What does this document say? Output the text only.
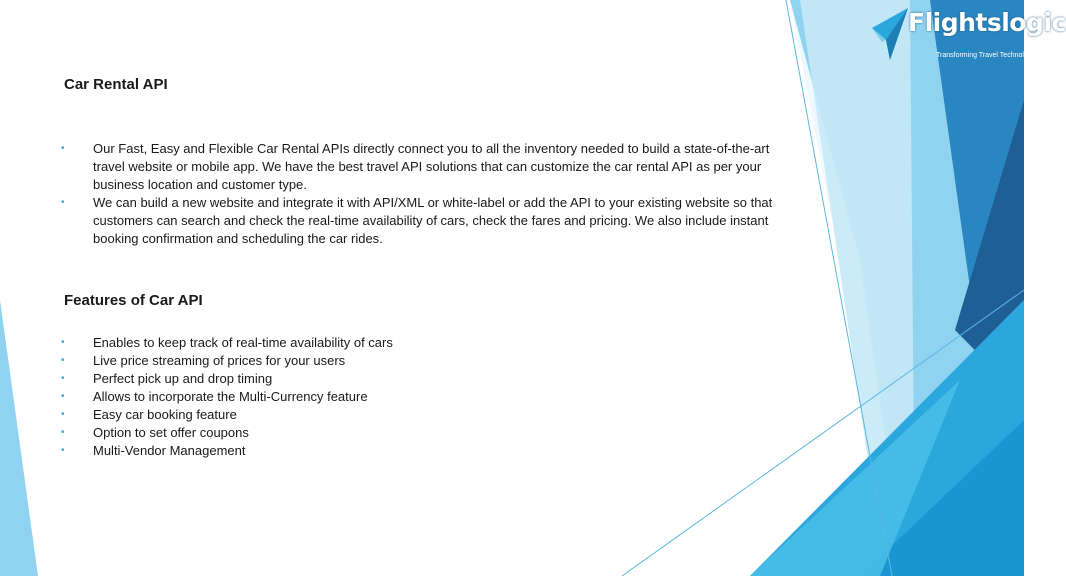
Flightslogic
Transforming Travel Technology
Car Rental API
• Our Fast, Easy and Flexible Car Rental APIs directly connect you to all the inventory needed to build a state-of-the-art travel website or mobile app. We have the best travel API solutions that can customize the car rental API as per your business location and customer type.
• We can build a new website and integrate it with API/XML or white-label or add the API to your existing website so that customers can search and check the real-time availability of cars, check the fares and pricing. We also include instant booking confirmation and scheduling the car rides.
Features of Car API
• Enables to keep track of real-time availability of cars
• Live price streaming of prices for your users
• Perfect pick up and drop timing
• Allows to incorporate the Multi-Currency feature
• Easy car booking feature
• Option to set offer coupons
• Multi-Vendor Management
